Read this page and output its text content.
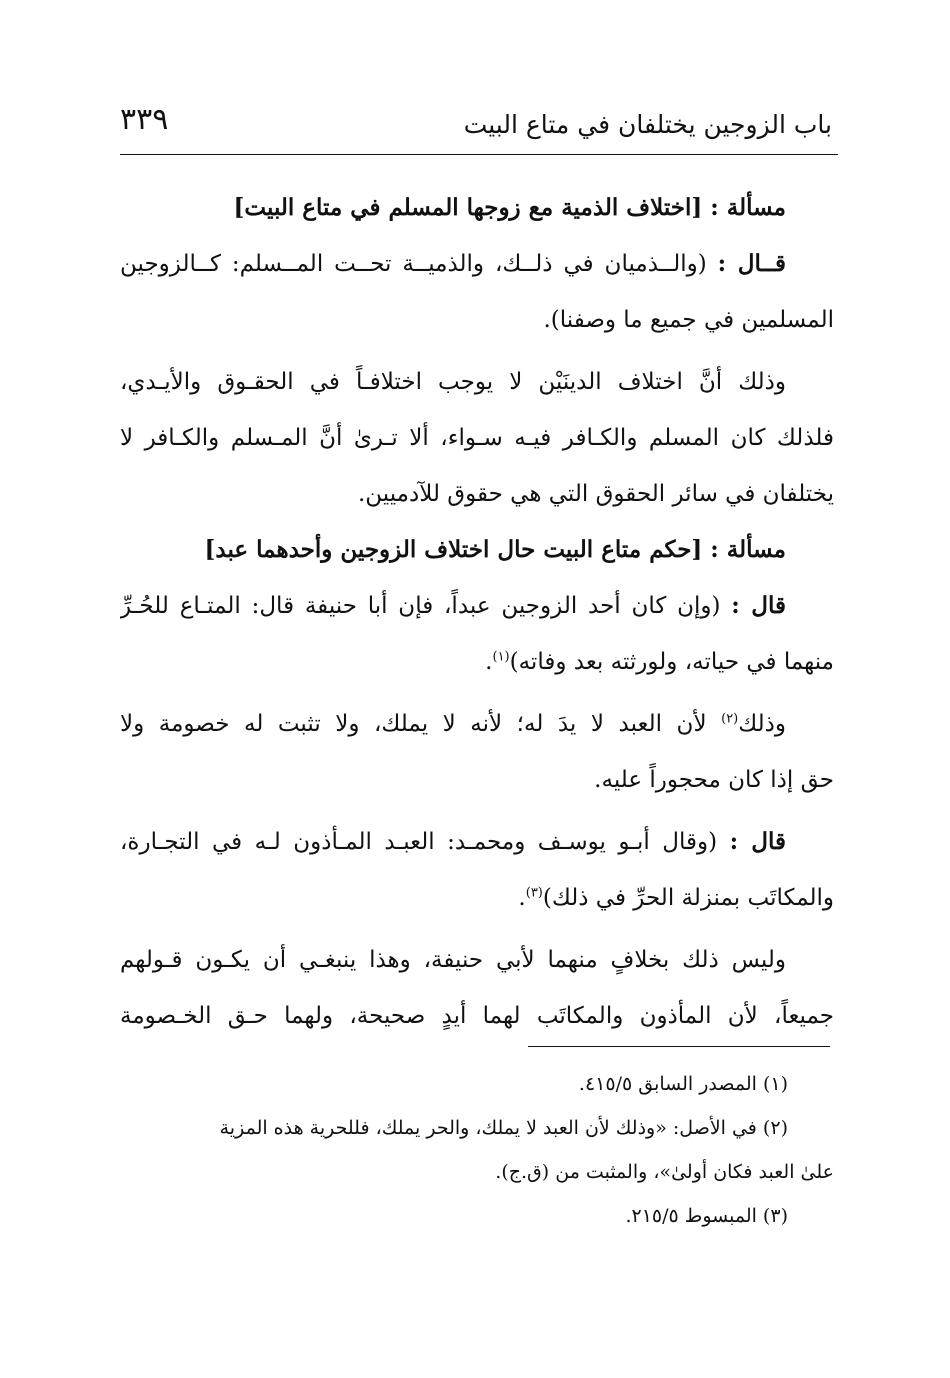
٣٣٩	باب الزوجين يختلفان في متاع البيت
مسألة : [اختلاف الذمية مع زوجها المسلم في متاع البيت]
قــال : (والــذميان في ذلــك، والذميــة تحــت المــسلم: كــالزوجين
المسلمين في جميع ما وصفنا).
وذلك أنَّ اختلاف الدينَيْن لا يوجب اختلافـاً في الحقـوق والأيـدي،
فلذلك كان المسلم والكـافر فيـه سـواء، ألا تـرىٰ أنَّ المـسلم والكـافر لا
يختلفان في سائر الحقوق التي هي حقوق للآدميين.
مسألة : [حكم متاع البيت حال اختلاف الزوجين وأحدهما عبد]
قال : (وإن كان أحد الزوجين عبداً، فإن أبا حنيفة قال: المتـاع للحُـرِّ
منهما في حياته، ولورثته بعد وفاته)$^{(١)}$.
وذلك$^{(٢)}$ لأن العبد لا يدَ له؛ لأنه لا يملك، ولا تثبت له خصومة ولا
حق إذا كان محجوراً عليه.
قال : (وقال أبـو يوسـف ومحمـد: العبـد المـأذون لـه في التجـارة،
والمكاتَب بمنزلة الحرِّ في ذلك)$^{(٣)}$.
وليس ذلك بخلافٍ منهما لأبي حنيفة، وهذا ينبغـي أن يكـون قـولهم
جميعاً، لأن المأذون والمكاتَب لهما أيدٍ صحيحة، ولهما حـق الخـصومة
(١) المصدر السابق ٤١٥/٥.
(٢) في الأصل: «وذلك لأن العبد لا يملك، والحر يملك، فللحرية هذه المزية
علىٰ العبد فكان أولىٰ»، والمثبت من (ق.ج).
(٣) المبسوط ٢١٥/٥.
